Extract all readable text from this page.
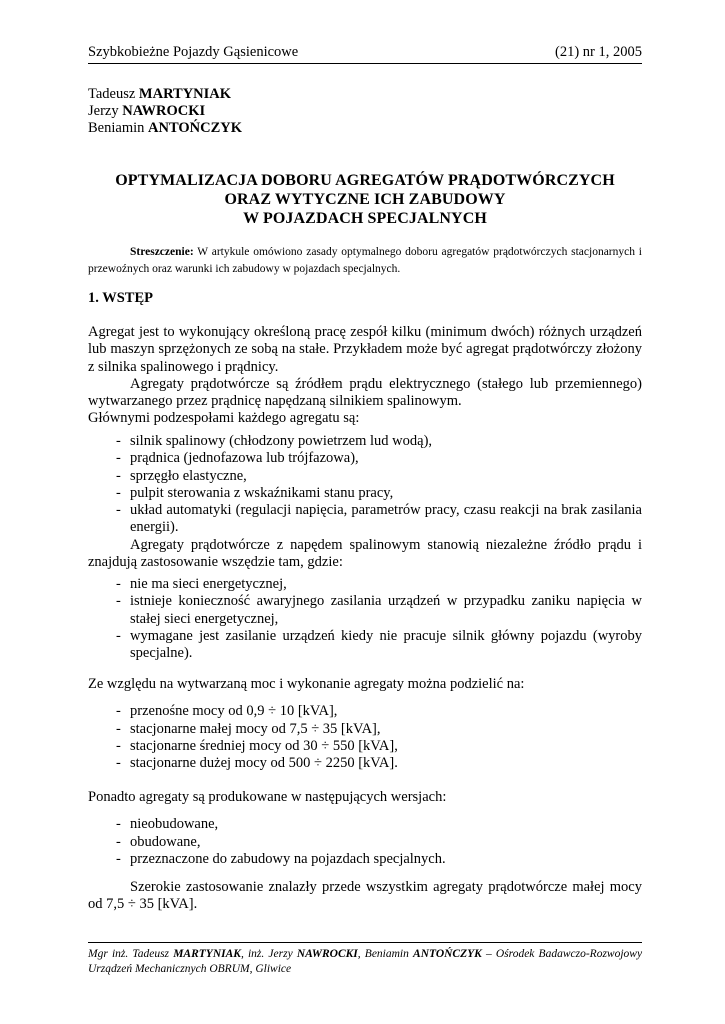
Szybkobieżne Pojazdy Gąsienicowe	(21) nr 1, 2005
Tadeusz MARTYNIAK
Jerzy NAWROCKI
Beniamin ANTOŃCZYK
OPTYMALIZACJA DOBORU AGREGATÓW PRĄDOTWÓRCZYCH
ORAZ WYTYCZNE ICH ZABUDOWY
W POJAZDACH SPECJALNYCH
Streszczenie: W artykule omówiono zasady optymalnego doboru agregatów prądotwórczych stacjonarnych i przewoźnych oraz warunki ich zabudowy w pojazdach specjalnych.
1. WSTĘP

Agregat jest to wykonujący określoną pracę zespół kilku (minimum dwóch) różnych urządzeń lub maszyn sprzężonych ze sobą na stałe. Przykładem może być agregat prądotwórczy złożony z silnika spalinowego i prądnicy.

Agregaty prądotwórcze są źródłem prądu elektrycznego (stałego lub przemiennego) wytwarzanego przez prądnicę napędzaną silnikiem spalinowym.

Głównymi podzespołami każdego agregatu są:

- silnik spalinowy (chłodzony powietrzem lud wodą),
- prądnica (jednofazowa lub trójfazowa),
- sprzęgło elastyczne,
- pulpit sterowania z wskaźnikami stanu pracy,
- układ automatyki (regulacji napięcia, parametrów pracy, czasu reakcji na brak zasilania energii).

Agregaty prądotwórcze z napędem spalinowym stanowią niezależne źródło prądu i znajdują zastosowanie wszędzie tam, gdzie:

- nie ma sieci energetycznej,
- istnieje konieczność awaryjnego zasilania urządzeń w przypadku zaniku napięcia w stałej sieci energetycznej,
- wymagane jest zasilanie urządzeń kiedy nie pracuje silnik główny pojazdu (wyroby specjalne).

Ze względu na wytwarzaną moc i wykonanie agregaty można podzielić na:

- przenośne mocy od 0,9 ÷ 10 [kVA],
- stacjonarne małej mocy od 7,5 ÷ 35 [kVA],
- stacjonarne średniej mocy od 30 ÷ 550 [kVA],
- stacjonarne dużej mocy od 500 ÷ 2250 [kVA].

Ponadto agregaty są produkowane w następujących wersjach:

- nieobudowane,
- obudowane,
- przeznaczone do zabudowy na pojazdach specjalnych.

Szerokie zastosowanie znalazły przede wszystkim agregaty prądotwórcze małej mocy od 7,5 ÷ 35 [kVA].

Mgr inż. Tadeusz MARTYNIAK, inż. Jerzy NAWROCKI, Beniamin ANTOŃCZYK – Ośrodek Badawczo-Rozwojowy Urządzeń Mechanicznych OBRUM, Gliwice
